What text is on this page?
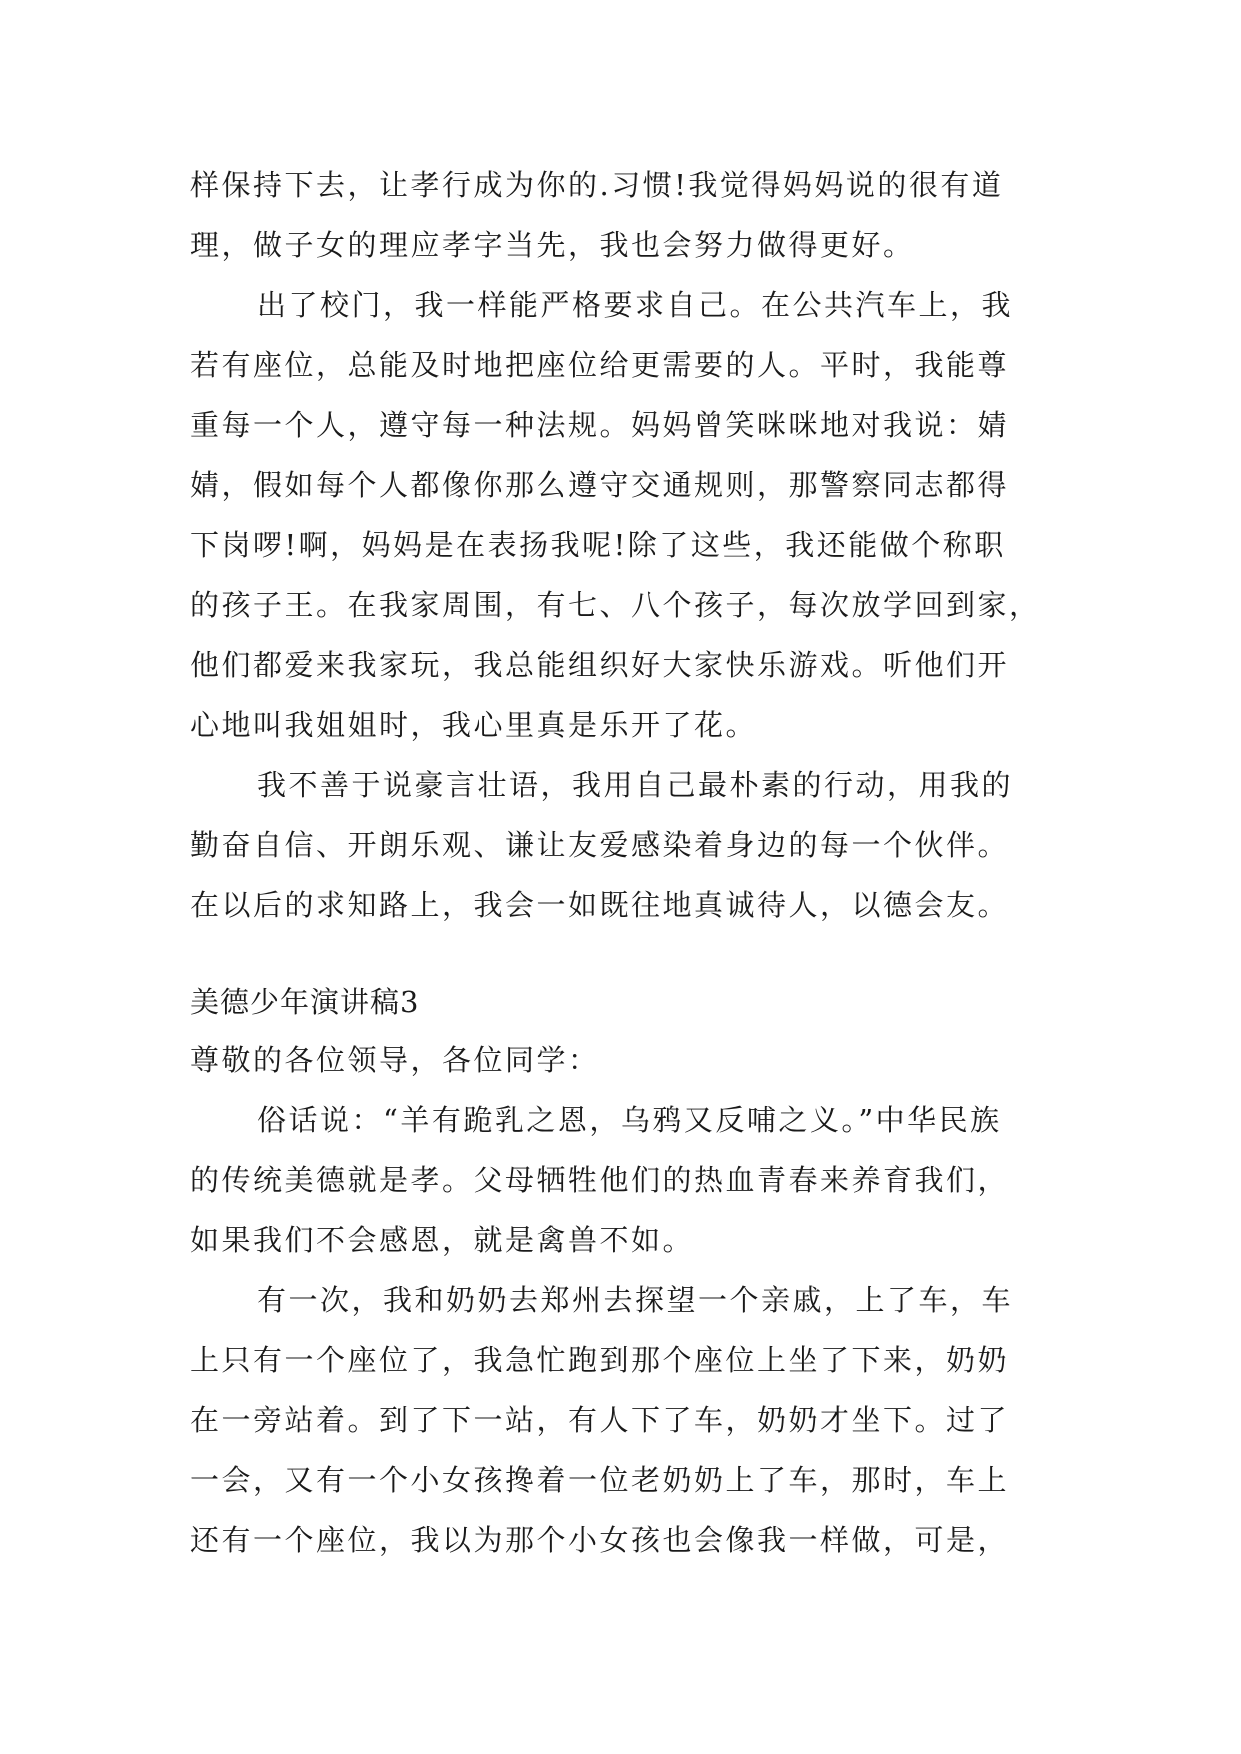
样保持下去，让孝行成为你的.习惯!我觉得妈妈说的很有道
理，做子女的理应孝字当先，我也会努力做得更好。
出了校门，我一样能严格要求自己。在公共汽车上，我
若有座位，总能及时地把座位给更需要的人。平时，我能尊
重每一个人，遵守每一种法规。妈妈曾笑咪咪地对我说：婧
婧，假如每个人都像你那么遵守交通规则，那警察同志都得
下岗啰!啊，妈妈是在表扬我呢!除了这些，我还能做个称职
的孩子王。在我家周围，有七、八个孩子，每次放学回到家，
他们都爱来我家玩，我总能组织好大家快乐游戏。听他们开
心地叫我姐姐时，我心里真是乐开了花。
我不善于说豪言壮语，我用自己最朴素的行动，用我的
勤奋自信、开朗乐观、谦让友爱感染着身边的每一个伙伴。
在以后的求知路上，我会一如既往地真诚待人，以德会友。
美德少年演讲稿3
尊敬的各位领导，各位同学：
俗话说：“羊有跪乳之恩，乌鸦又反哺之义。”中华民族
的传统美德就是孝。父母牺牲他们的热血青春来养育我们，
如果我们不会感恩，就是禽兽不如。
有一次，我和奶奶去郑州去探望一个亲戚，上了车，车
上只有一个座位了，我急忙跑到那个座位上坐了下来，奶奶
在一旁站着。到了下一站，有人下了车，奶奶才坐下。过了
一会，又有一个小女孩搀着一位老奶奶上了车，那时，车上
还有一个座位，我以为那个小女孩也会像我一样做，可是，
